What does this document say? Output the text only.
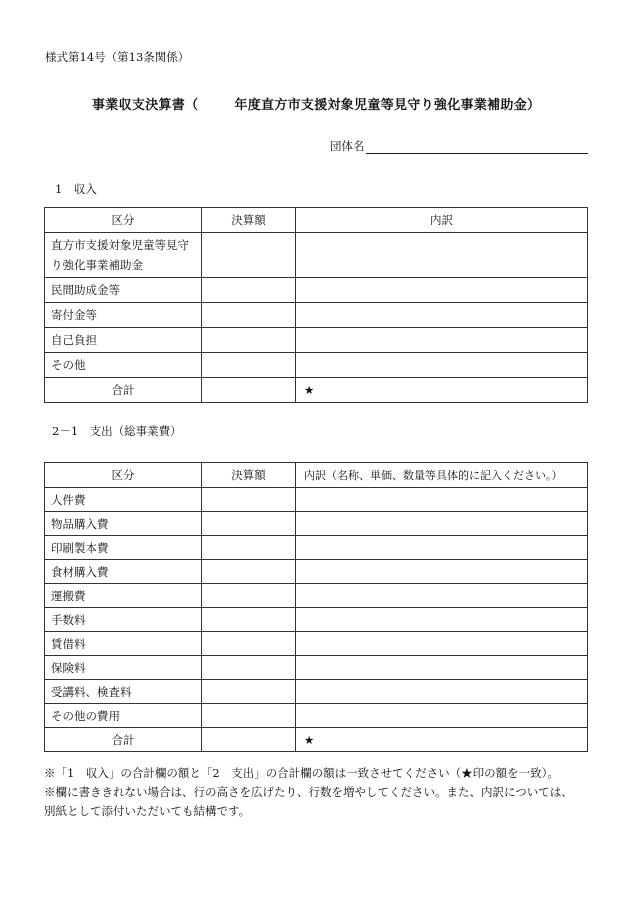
様式第14号（第13条関係）
事業収支決算書（	年度直方市支援対象児童等見守り強化事業補助金）
団体名
1　収入
区分	決算額	内訳
直方市支援対象児童等見守り強化事業補助金		
民間助成金等		
寄付金等		
自己負担		
その他		
合計		★
2－1　支出（総事業費）
区分	決算額	内訳（名称、単価、数量等具体的に記入ください。）
人件費		
物品購入費		
印刷製本費		
食材購入費		
運搬費		
手数料		
賃借料		
保険料		
受講料、検査料		
その他の費用		
合計		★
※「1　収入」の合計欄の額と「2　支出」の合計欄の額は一致させてください（★印の額を一致）。
※欄に書ききれない場合は、行の高さを広げたり、行数を増やしてください。また、内訳については、
別紙として添付いただいても結構です。
